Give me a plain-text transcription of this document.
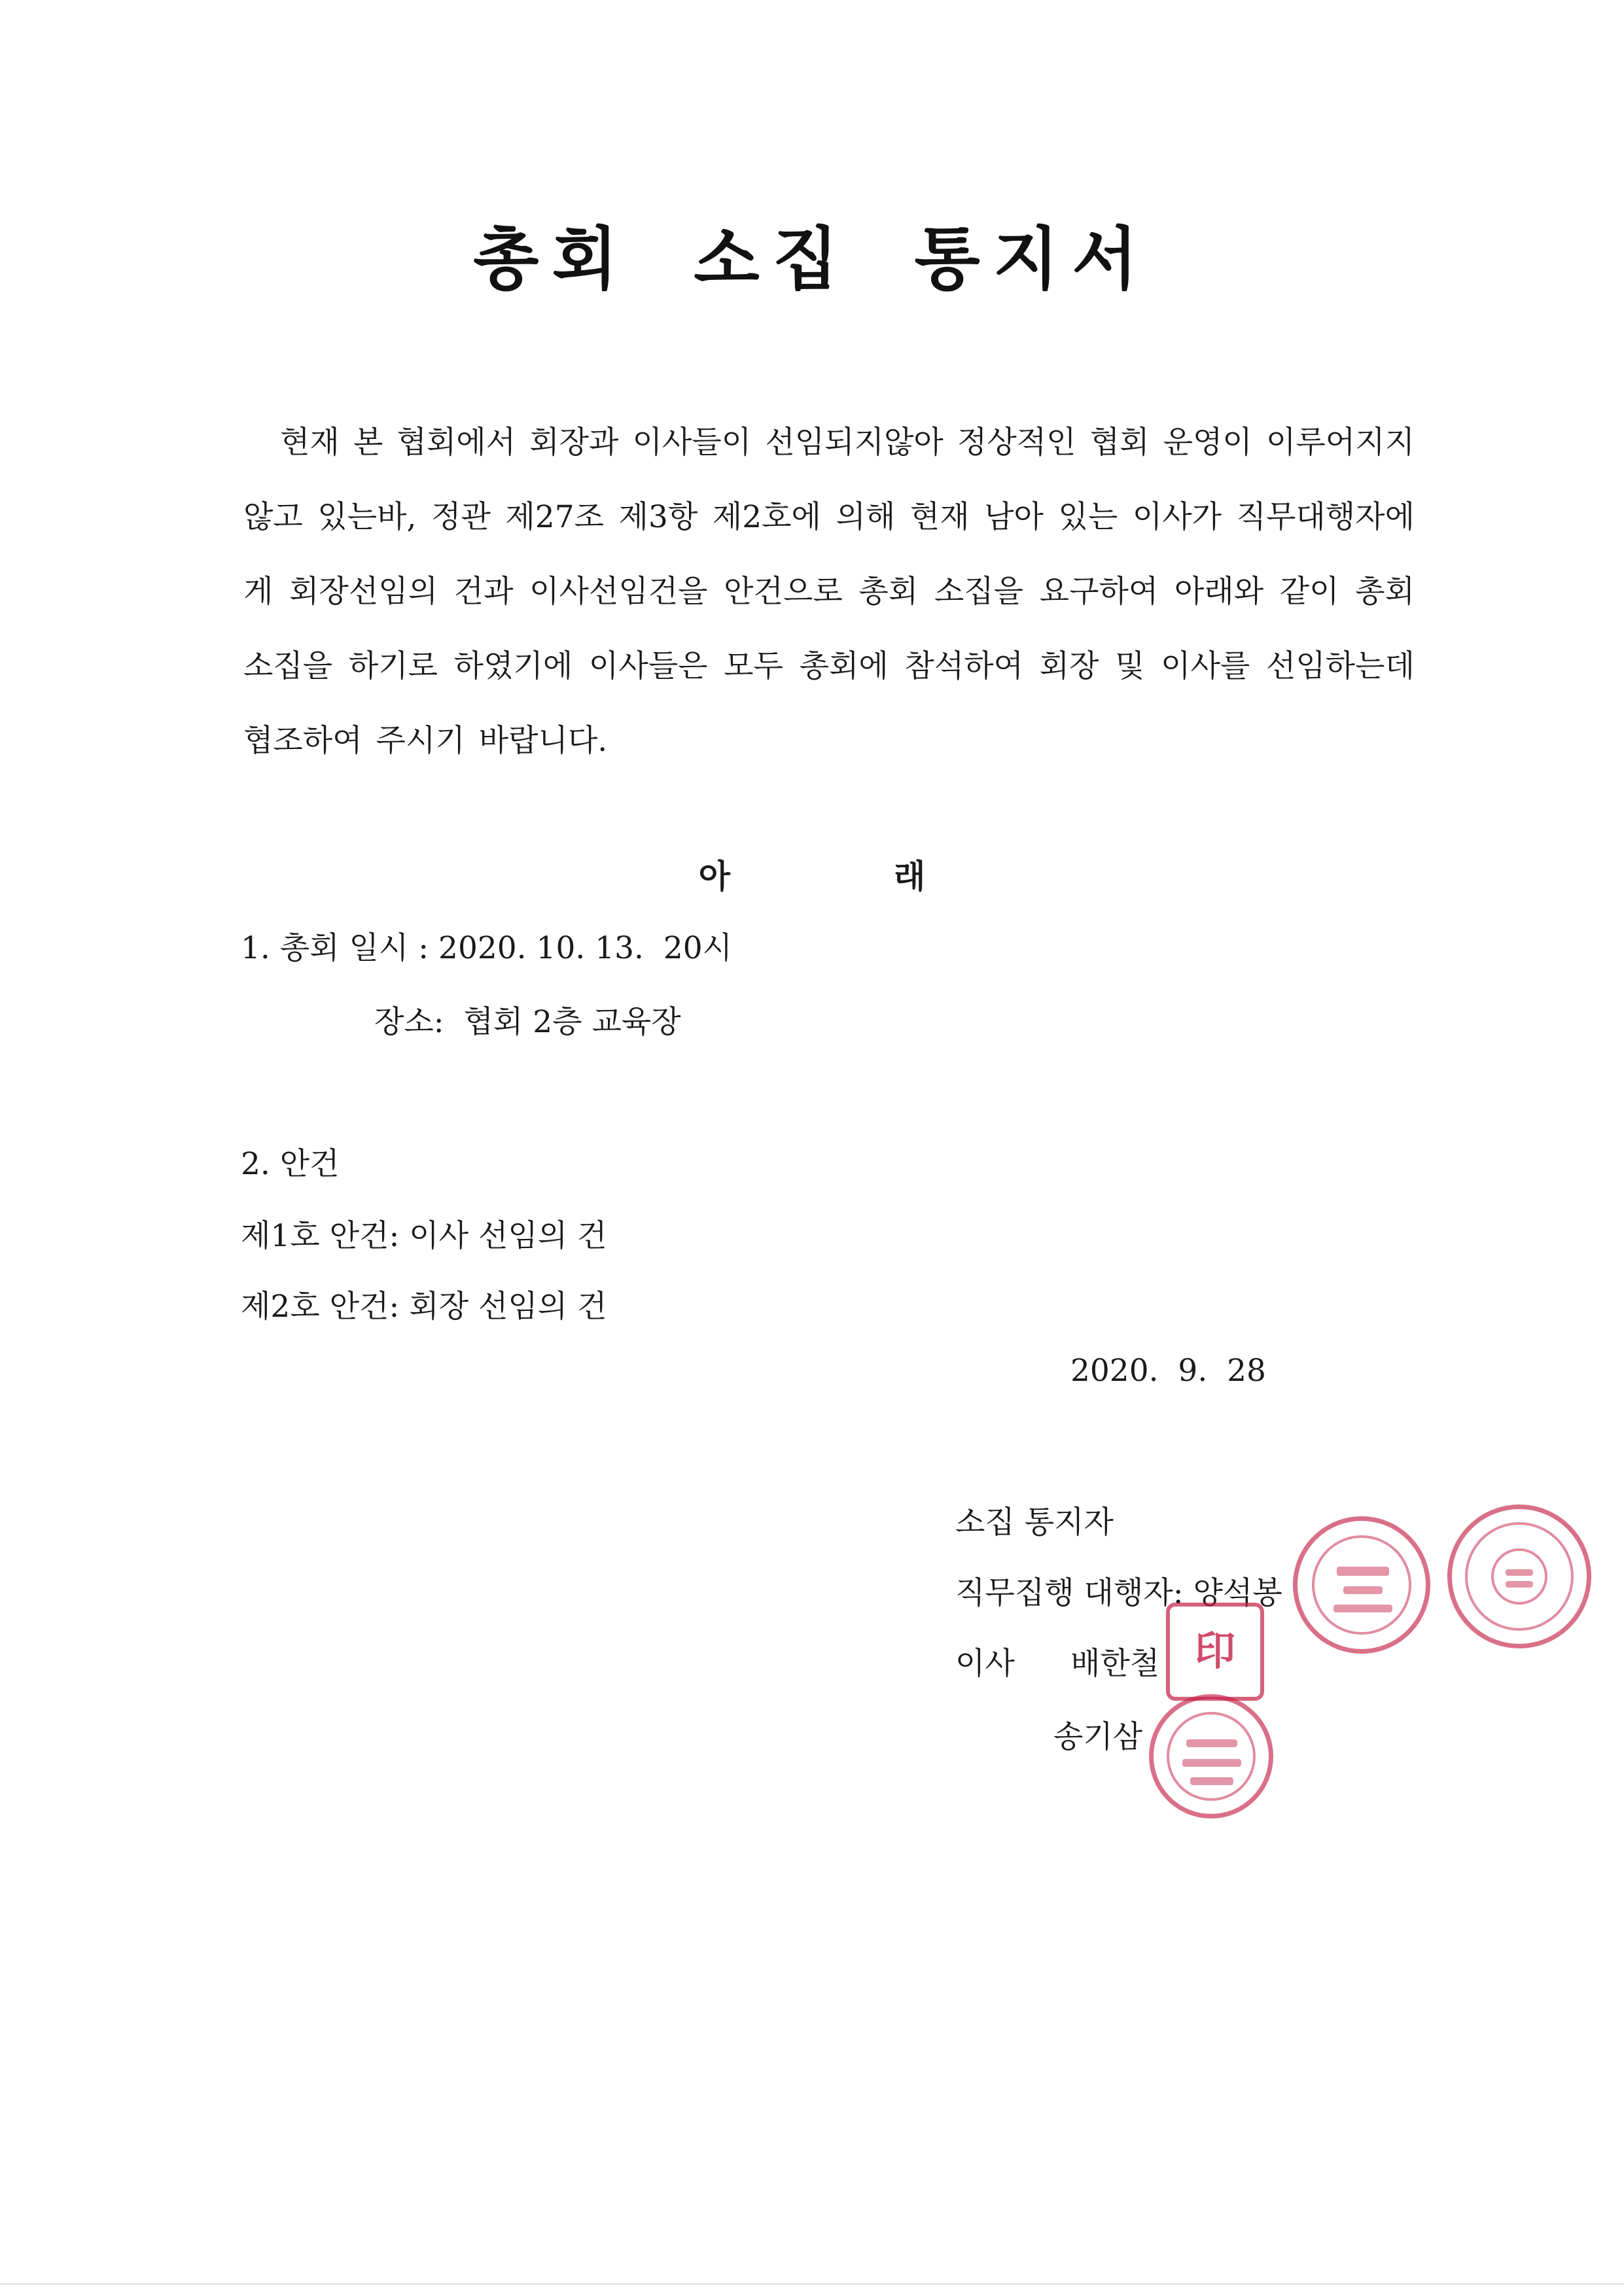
총회 소집 통지서
현재 본 협회에서 회장과 이사들이 선임되지않아 정상적인 협회 운영이 이루어지지 않고 있는바, 정관 제27조 제3항 제2호에 의해 현재 남아 있는 이사가 직무대행자에게 회장선임의 건과 이사선임건을 안건으로 총회 소집을 요구하여 아래와 같이 총회 소집을 하기로 하였기에 이사들은 모두 총회에 참석하여 회장 및 이사를 선임하는데 협조하여 주시기 바랍니다.
아	래
1. 총회 일시 : 2020. 10. 13.  20시
장소:  협회 2층 교육장
2. 안건
제1호 안건: 이사 선임의 건
제2호 안건: 회장 선임의 건
2020.  9.  28
소집 통지자
직무집행 대행자: 양석봉
이사 배한철
송기삼
印
